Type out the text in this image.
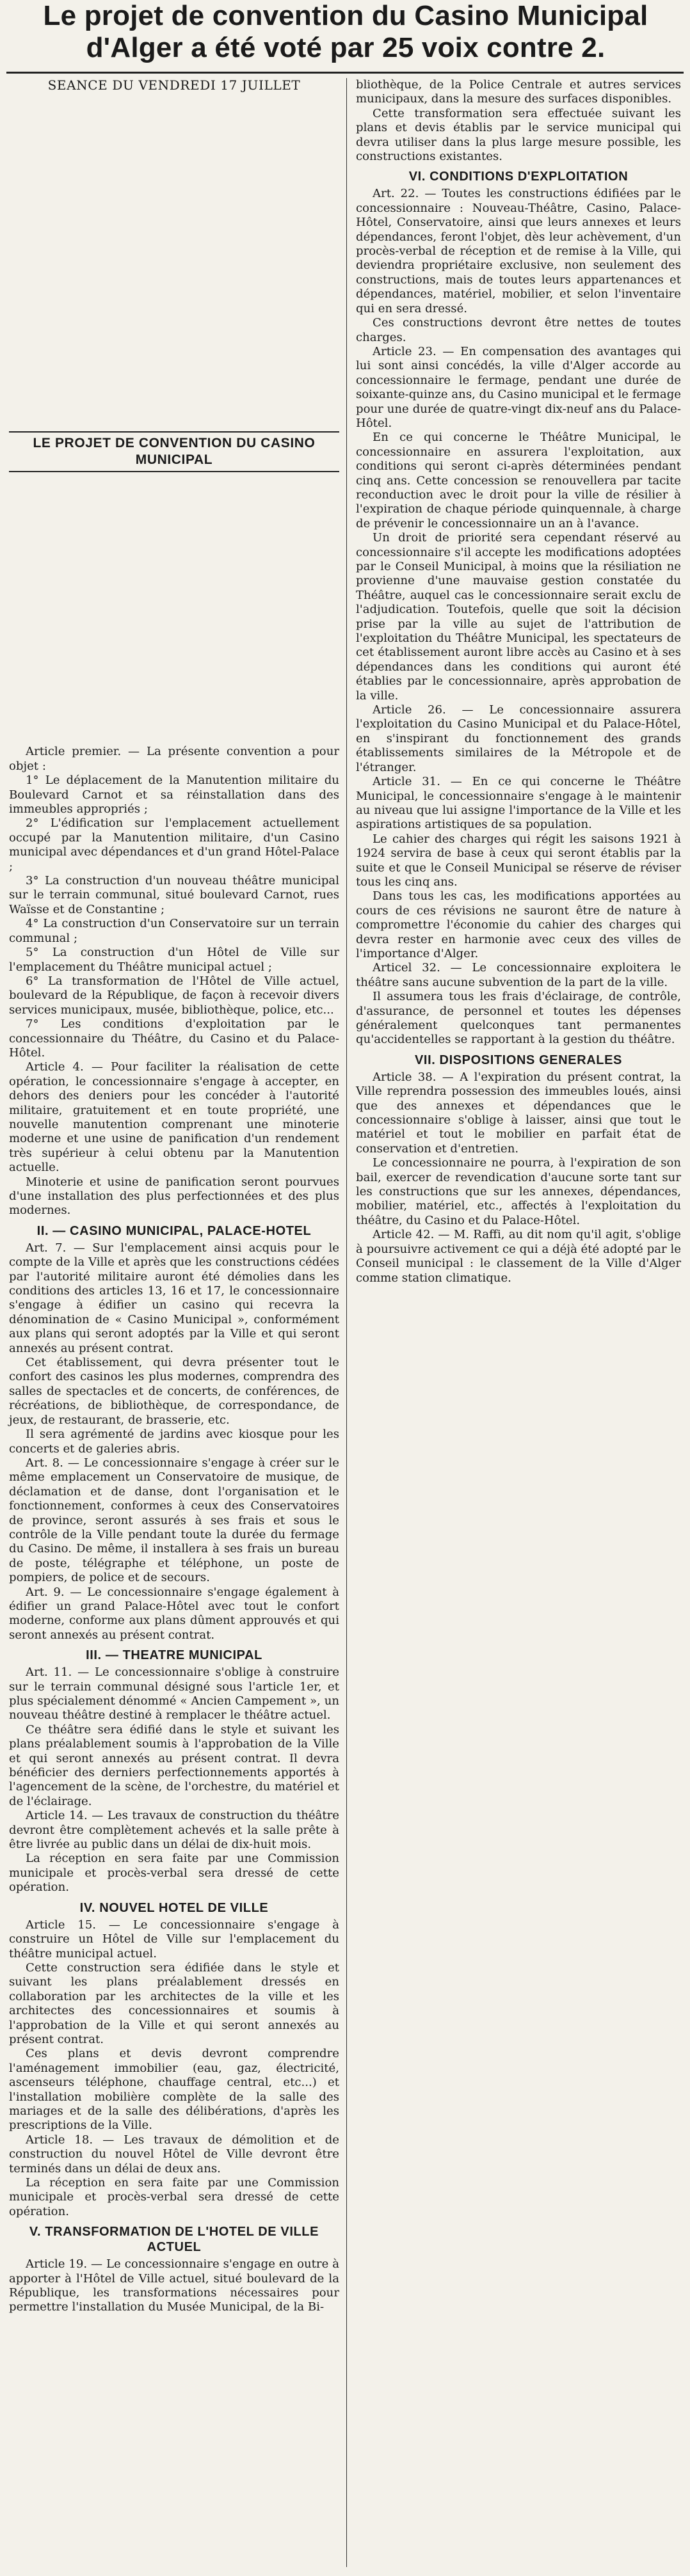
Le projet de convention du Casino Municipal d'Alger a été voté par 25 voix contre 2.

SEANCE DU VENDREDI 17 JUILLET

LE PROJET DE CONVENTION DU CASINO MUNICIPAL

Article premier. — La présente convention a pour objet :

1° Le déplacement de la Manutention militaire du Boulevard Carnot et sa réinstallation dans des immeubles appropriés ;

2° L'édification sur l'emplacement actuellement occupé par la Manutention militaire, d'un Casino municipal avec dépendances et d'un grand Hôtel-Palace ;

3° La construction d'un nouveau théâtre municipal sur le terrain communal, situé boulevard Carnot, rues Waïsse et de Constantine ;

4° La construction d'un Conservatoire sur un terrain communal ;

5° La construction d'un Hôtel de Ville sur l'emplacement du Théâtre municipal actuel ;

6° La transformation de l'Hôtel de Ville actuel, boulevard de la République, de façon à recevoir divers services municipaux, musée, bibliothèque, police, etc...

7° Les conditions d'exploitation par le concessionnaire du Théâtre, du Casino et du Palace-Hôtel.

Article 4. — Pour faciliter la réalisation de cette opération, le concessionnaire s'engage à accepter, en dehors des deniers pour les concéder à l'autorité militaire, gratuitement et en toute propriété, une nouvelle manutention comprenant une minoterie moderne et une usine de panification d'un rendement très supérieur à celui obtenu par la Manutention actuelle.

Minoterie et usine de panification seront pourvues d'une installation des plus perfectionnées et des plus modernes.

II. — CASINO MUNICIPAL, PALACE-HOTEL

Art. 7. — Sur l'emplacement ainsi acquis pour le compte de la Ville et après que les constructions cédées par l'autorité militaire auront été démolies dans les conditions des articles 13, 16 et 17, le concessionnaire s'engage à édifier un casino qui recevra la dénomination de « Casino Municipal », conformément aux plans qui seront adoptés par la Ville et qui seront annexés au présent contrat.

Cet établissement, qui devra présenter tout le confort des casinos les plus modernes, comprendra des salles de spectacles et de concerts, de conférences, de récréations, de bibliothèque, de correspondance, de jeux, de restaurant, de brasserie, etc.

Il sera agrémenté de jardins avec kiosque pour les concerts et de galeries abris.

Art. 8. — Le concessionnaire s'engage à créer sur le même emplacement un Conservatoire de musique, de déclamation et de danse, dont l'organisation et le fonctionnement, conformes à ceux des Conservatoires de province, seront assurés à ses frais et sous le contrôle de la Ville pendant toute la durée du fermage du Casino. De même, il installera à ses frais un bureau de poste, télégraphe et téléphone, un poste de pompiers, de police et de secours.

Art. 9. — Le concessionnaire s'engage également à édifier un grand Palace-Hôtel avec tout le confort moderne, conforme aux plans dûment approuvés et qui seront annexés au présent contrat.

III. — THEATRE MUNICIPAL

Art. 11. — Le concessionnaire s'oblige à construire sur le terrain communal désigné sous l'article 1er, et plus spécialement dénommé « Ancien Campement », un nouveau théâtre destiné à remplacer le théâtre actuel.

Ce théâtre sera édifié dans le style et suivant les plans préalablement soumis à l'approbation de la Ville et qui seront annexés au présent contrat. Il devra bénéficier des derniers perfectionnements apportés à l'agencement de la scène, de l'orchestre, du matériel et de l'éclairage.

Article 14. — Les travaux de construction du théâtre devront être complètement achevés et la salle prête à être livrée au public dans un délai de dix-huit mois.

La réception en sera faite par une Commission municipale et procès-verbal sera dressé de cette opération.

IV. NOUVEL HOTEL DE VILLE

Article 15. — Le concessionnaire s'engage à construire un Hôtel de Ville sur l'emplacement du théâtre municipal actuel.

Cette construction sera édifiée dans le style et suivant les plans préalablement dressés en collaboration par les architectes de la ville et les architectes des concessionnaires et soumis à l'approbation de la Ville et qui seront annexés au présent contrat.

Ces plans et devis devront comprendre l'aménagement immobilier (eau, gaz, électricité, ascenseurs téléphone, chauffage central, etc...) et l'installation mobilière complète de la salle des mariages et de la salle des délibérations, d'après les prescriptions de la Ville.

Article 18. — Les travaux de démolition et de construction du nouvel Hôtel de Ville devront être terminés dans un délai de deux ans.

La réception en sera faite par une Commission municipale et procès-verbal sera dressé de cette opération.

V. TRANSFORMATION DE L'HOTEL DE VILLE ACTUEL

Article 19. — Le concessionnaire s'engage en outre à apporter à l'Hôtel de Ville actuel, situé boulevard de la République, les transformations nécessaires pour permettre l'installation du Musée Municipal, de la Bi-

bliothèque, de la Police Centrale et autres services municipaux, dans la mesure des surfaces disponibles.

Cette transformation sera effectuée suivant les plans et devis établis par le service municipal qui devra utiliser dans la plus large mesure possible, les constructions existantes.

VI. CONDITIONS D'EXPLOITATION

Art. 22. — Toutes les constructions édifiées par le concessionnaire : Nouveau-Théâtre, Casino, Palace-Hôtel, Conservatoire, ainsi que leurs annexes et leurs dépendances, feront l'objet, dès leur achèvement, d'un procès-verbal de réception et de remise à la Ville, qui deviendra propriétaire exclusive, non seulement des constructions, mais de toutes leurs appartenances et dépendances, matériel, mobilier, et selon l'inventaire qui en sera dressé.

Ces constructions devront être nettes de toutes charges.

Article 23. — En compensation des avantages qui lui sont ainsi concédés, la ville d'Alger accorde au concessionnaire le fermage, pendant une durée de soixante-quinze ans, du Casino municipal et le fermage pour une durée de quatre-vingt dix-neuf ans du Palace-Hôtel.

En ce qui concerne le Théâtre Municipal, le concessionnaire en assurera l'exploitation, aux conditions qui seront ci-après déterminées pendant cinq ans. Cette concession se renouvellera par tacite reconduction avec le droit pour la ville de résilier à l'expiration de chaque période quinquennale, à charge de prévenir le concessionnaire un an à l'avance.

Un droit de priorité sera cependant réservé au concessionnaire s'il accepte les modifications adoptées par le Conseil Municipal, à moins que la résiliation ne provienne d'une mauvaise gestion constatée du Théâtre, auquel cas le concessionnaire serait exclu de l'adjudication. Toutefois, quelle que soit la décision prise par la ville au sujet de l'attribution de l'exploitation du Théâtre Municipal, les spectateurs de cet établissement auront libre accès au Casino et à ses dépendances dans les conditions qui auront été établies par le concessionnaire, après approbation de la ville.

Article 26. — Le concessionnaire assurera l'exploitation du Casino Municipal et du Palace-Hôtel, en s'inspirant du fonctionnement des grands établissements similaires de la Métropole et de l'étranger.

Article 31. — En ce qui concerne le Théâtre Municipal, le concessionnaire s'engage à le maintenir au niveau que lui assigne l'importance de la Ville et les aspirations artistiques de sa population.

Le cahier des charges qui régit les saisons 1921 à 1924 servira de base à ceux qui seront établis par la suite et que le Conseil Municipal se réserve de réviser tous les cinq ans.

Dans tous les cas, les modifications apportées au cours de ces révisions ne sauront être de nature à compromettre l'économie du cahier des charges qui devra rester en harmonie avec ceux des villes de l'importance d'Alger.

Articel 32. — Le concessionnaire exploitera le théâtre sans aucune subvention de la part de la ville.

Il assumera tous les frais d'éclairage, de contrôle, d'assurance, de personnel et toutes les dépenses généralement quelconques tant permanentes qu'accidentelles se rapportant à la gestion du théâtre.

VII. DISPOSITIONS GENERALES

Article 38. — A l'expiration du présent contrat, la Ville reprendra possession des immeubles loués, ainsi que des annexes et dépendances que le concessionnaire s'oblige à laisser, ainsi que tout le matériel et tout le mobilier en parfait état de conservation et d'entretien.

Le concessionnaire ne pourra, à l'expiration de son bail, exercer de revendication d'aucune sorte tant sur les constructions que sur les annexes, dépendances, mobilier, matériel, etc., affectés à l'exploitation du théâtre, du Casino et du Palace-Hôtel.

Article 42. — M. Raffi, au dit nom qu'il agit, s'oblige à poursuivre activement ce qui a déjà été adopté par le Conseil municipal : le classement de la Ville d'Alger comme station climatique.
